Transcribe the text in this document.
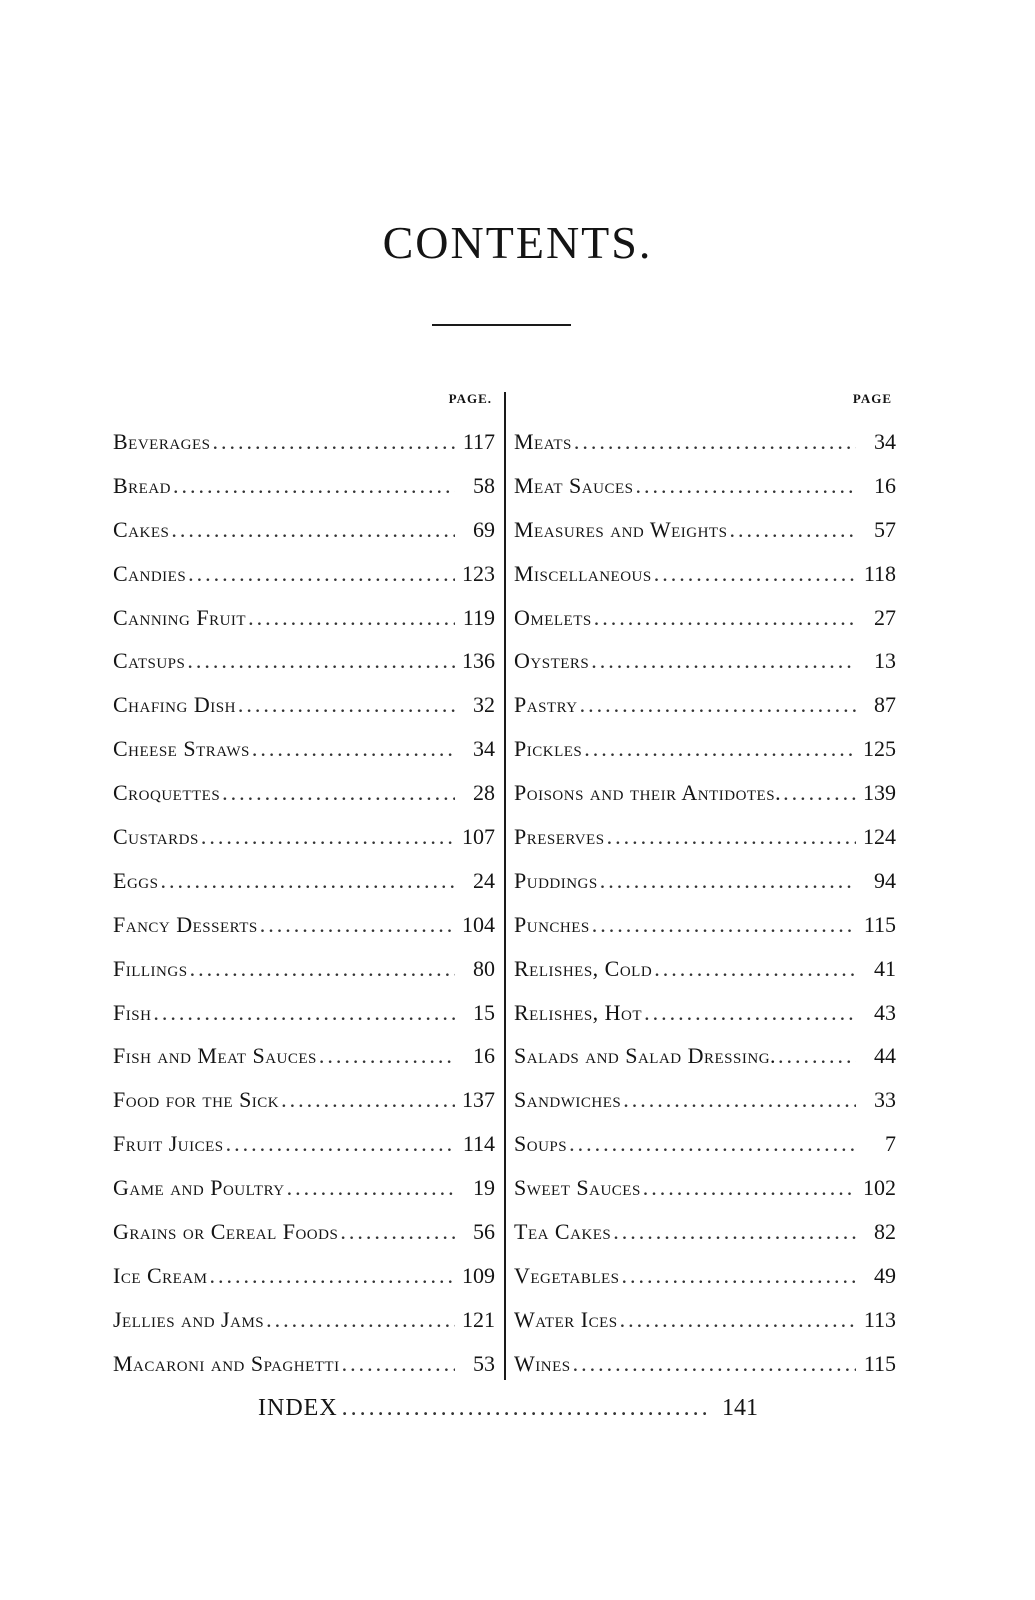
CONTENTS.
PAGE.	PAGE
Beverages .....	117
Bread .....	58
Cakes .....	69
Candies .....	123
Canning Fruit .....	119
Catsups .....	136
Chafing Dish .....	32
Cheese Straws .....	34
Croquettes .....	28
Custards .....	107
Eggs .....	24
Fancy Desserts .....	104
Fillings .....	80
Fish .....	15
Fish and Meat Sauces .....	16
Food for the Sick .....	137
Fruit Juices .....	114
Game and Poultry .....	19
Grains or Cereal Foods .....	56
Ice Cream .....	109
Jellies and Jams .....	121
Macaroni and Spaghetti .....	53
Meats .....	34
Meat Sauces .....	16
Measures and Weights .....	57
Miscellaneous .....	118
Omelets .....	27
Oysters .....	13
Pastry .....	87
Pickles .....	125
Poisons and their Antidotes. .....	139
Preserves .....	124
Puddings .....	94
Punches .....	115
Relishes, Cold .....	41
Relishes, Hot .....	43
Salads and Salad Dressing. .....	44
Sandwiches .....	33
Soups .....	7
Sweet Sauces .....	102
Tea Cakes .....	82
Vegetables .....	49
Water Ices .....	113
Wines .....	115
INDEX .....	141
